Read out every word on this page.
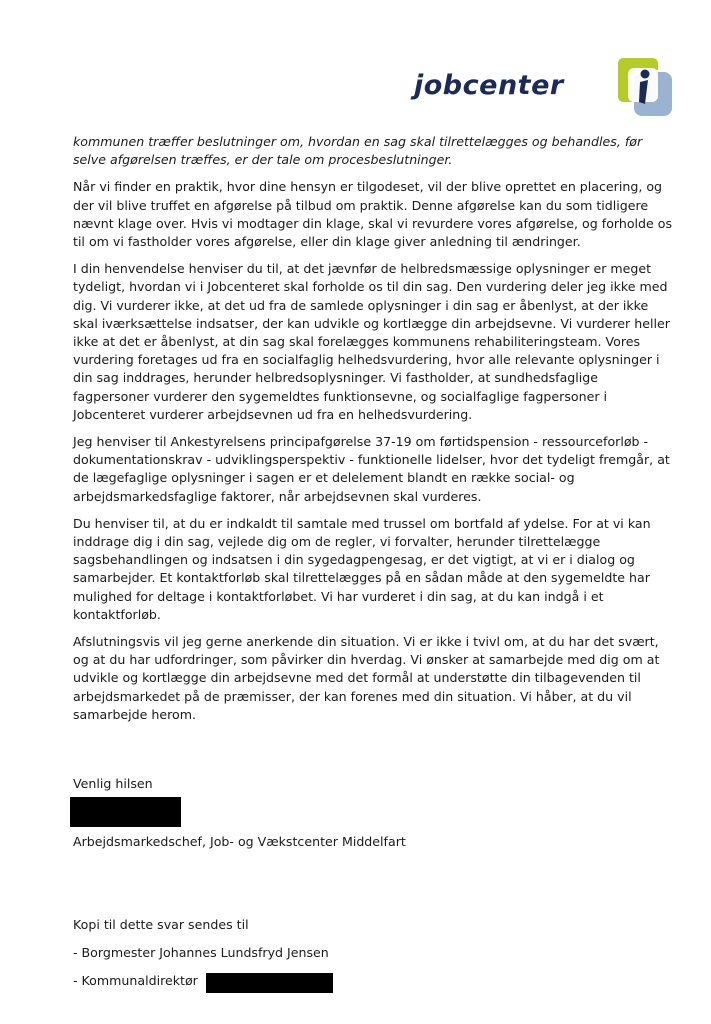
jobcenter

kommunen træffer beslutninger om, hvordan en sag skal tilrettelægges og behandles, før selve afgørelsen træffes, er der tale om procesbeslutninger.

Når vi finder en praktik, hvor dine hensyn er tilgodeset, vil der blive oprettet en placering, og der vil blive truffet en afgørelse på tilbud om praktik. Denne afgørelse kan du som tidligere nævnt klage over. Hvis vi modtager din klage, skal vi revurdere vores afgørelse, og forholde os til om vi fastholder vores afgørelse, eller din klage giver anledning til ændringer.

I din henvendelse henviser du til, at det jævnfør de helbredsmæssige oplysninger er meget tydeligt, hvordan vi i Jobcenteret skal forholde os til din sag. Den vurdering deler jeg ikke med dig. Vi vurderer ikke, at det ud fra de samlede oplysninger i din sag er åbenlyst, at der ikke skal iværksættelse indsatser, der kan udvikle og kortlægge din arbejdsevne. Vi vurderer heller ikke at det er åbenlyst, at din sag skal forelægges kommunens rehabiliteringsteam. Vores vurdering foretages ud fra en socialfaglig helhedsvurdering, hvor alle relevante oplysninger i din sag inddrages, herunder helbredsoplysninger. Vi fastholder, at sundhedsfaglige fagpersoner vurderer den sygemeldtes funktionsevne, og socialfaglige fagpersoner i Jobcenteret vurderer arbejdsevnen ud fra en helhedsvurdering.

Jeg henviser til Ankestyrelsens principafgørelse 37-19 om førtidspension - ressourceforløb - dokumentationskrav - udviklingsperspektiv - funktionelle lidelser, hvor det tydeligt fremgår, at de lægefaglige oplysninger i sagen er et delelement blandt en række social- og arbejdsmarkedsfaglige faktorer, når arbejdsevnen skal vurderes.

Du henviser til, at du er indkaldt til samtale med trussel om bortfald af ydelse. For at vi kan inddrage dig i din sag, vejlede dig om de regler, vi forvalter, herunder tilrettelægge sagsbehandlingen og indsatsen i din sygedagpengesag, er det vigtigt, at vi er i dialog og samarbejder. Et kontaktforløb skal tilrettelægges på en sådan måde at den sygemeldte har mulighed for deltage i kontaktforløbet. Vi har vurderet i din sag, at du kan indgå i et kontaktforløb.

Afslutningsvis vil jeg gerne anerkende din situation. Vi er ikke i tvivl om, at du har det svært, og at du har udfordringer, som påvirker din hverdag. Vi ønsker at samarbejde med dig om at udvikle og kortlægge din arbejdsevne med det formål at understøtte din tilbagevenden til arbejdsmarkedet på de præmisser, der kan forenes med din situation. Vi håber, at du vil samarbejde herom.

Venlig hilsen
Arbejdsmarkedschef, Job- og Vækstcenter Middelfart
Kopi til dette svar sendes til
- Borgmester Johannes Lundsfryd Jensen
- Kommunaldirektør
